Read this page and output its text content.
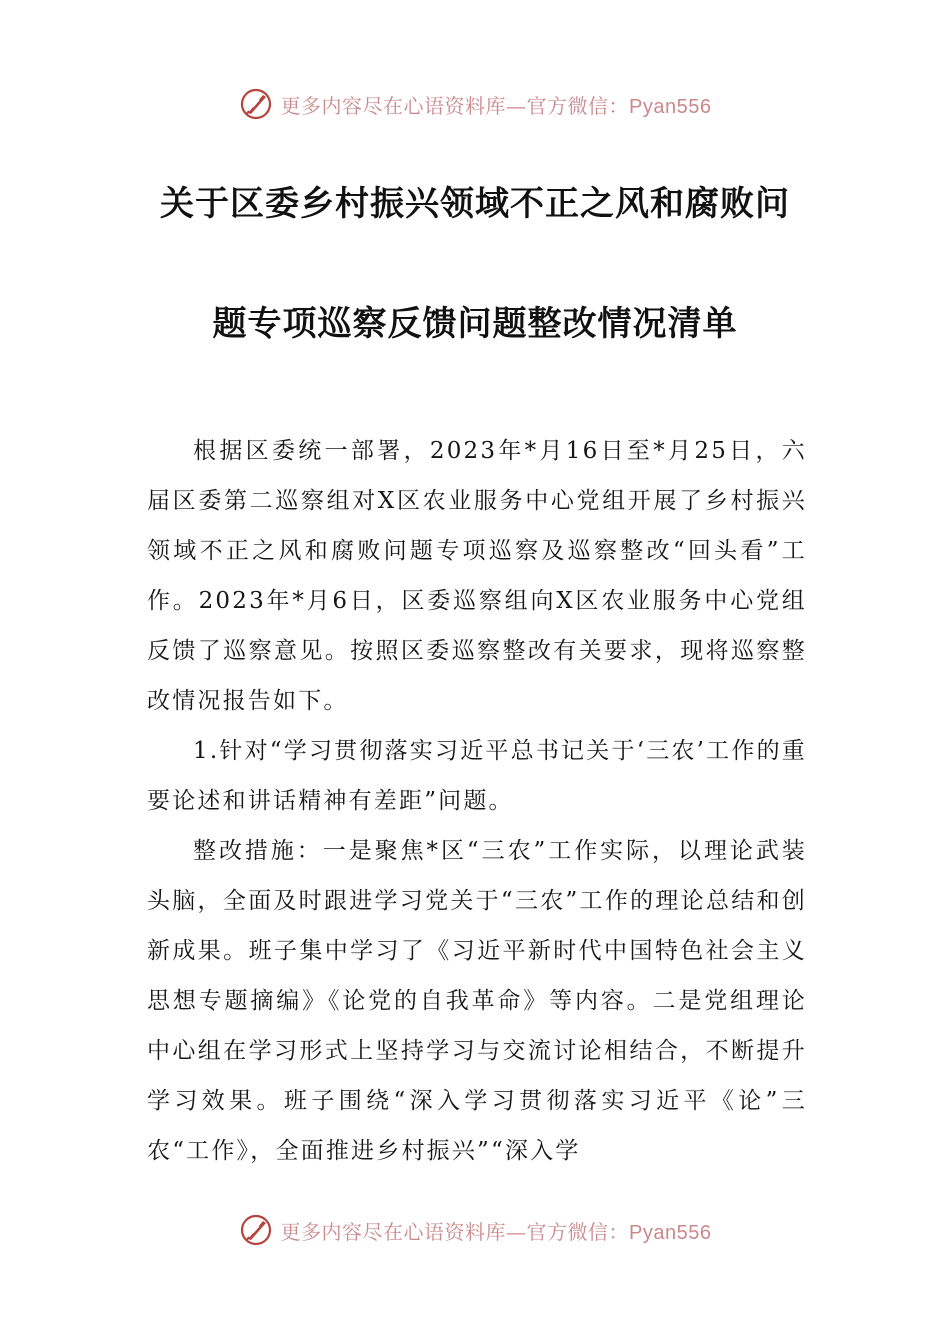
更多内容尽在心语资料库—官方微信：Pyan556
关于区委乡村振兴领域不正之风和腐败问
题专项巡察反馈问题整改情况清单

根据区委统一部署，2023年*月16日至*月25日，六届区委第二巡察组对X区农业服务中心党组开展了乡村振兴领域不正之风和腐败问题专项巡察及巡察整改“回头看”工作。2023年*月6日，区委巡察组向X区农业服务中心党组反馈了巡察意见。按照区委巡察整改有关要求，现将巡察整改情况报告如下。

1.针对“学习贯彻落实习近平总书记关于‘三农’工作的重要论述和讲话精神有差距”问题。

整改措施：一是聚焦*区“三农”工作实际，以理论武装头脑，全面及时跟进学习党关于“三农”工作的理论总结和创新成果。班子集中学习了《习近平新时代中国特色社会主义思想专题摘编》《论党的自我革命》等内容。二是党组理论中心组在学习形式上坚持学习与交流讨论相结合，不断提升学习效果。班子围绕“深入学习贯彻落实习近平《论”三农“工作》，全面推进乡村振兴”“深入学

更多内容尽在心语资料库—官方微信：Pyan556
